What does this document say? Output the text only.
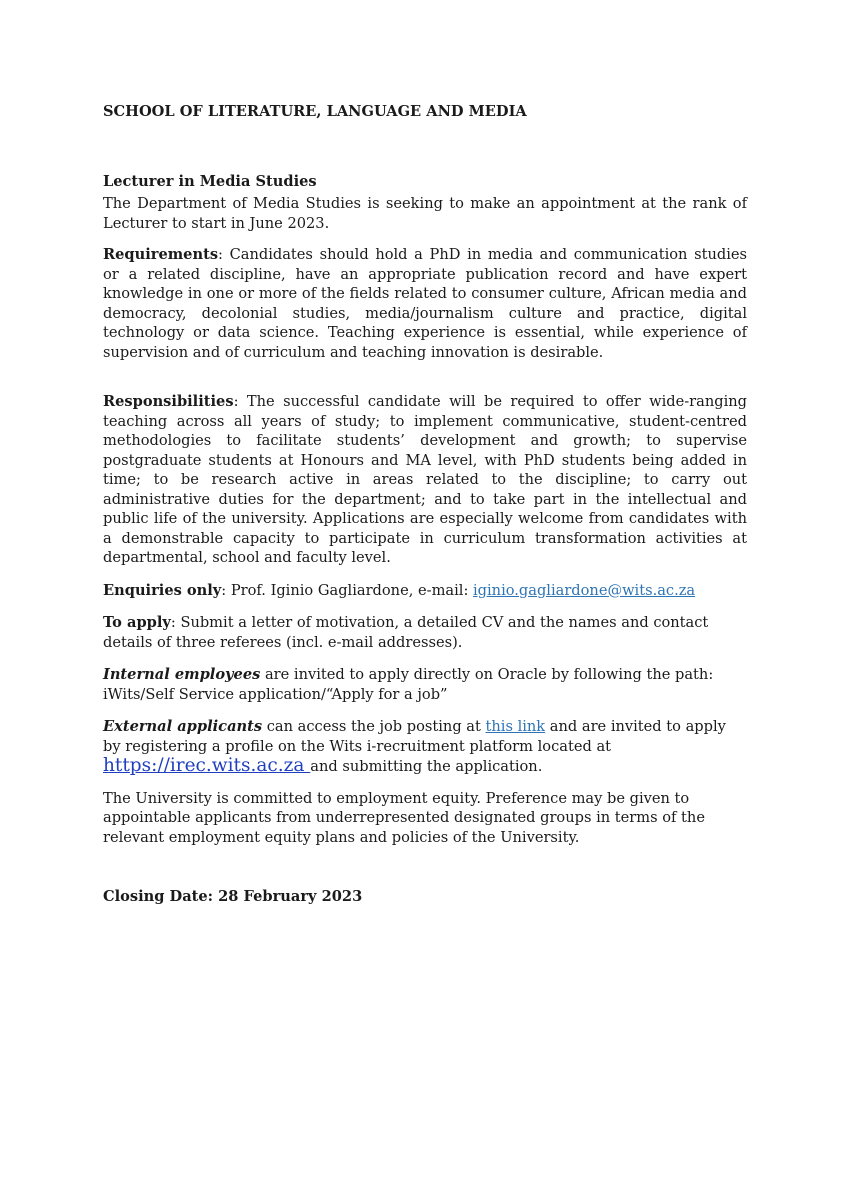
SCHOOL OF LITERATURE, LANGUAGE AND MEDIA

Lecturer in Media Studies

The Department of Media Studies is seeking to make an appointment at the rank of Lecturer to start in June 2023.

Requirements: Candidates should hold a PhD in media and communication studies or a related discipline, have an appropriate publication record and have expert knowledge in one or more of the fields related to consumer culture, African media and democracy, decolonial studies, media/journalism culture and practice, digital technology or data science. Teaching experience is essential, while experience of supervision and of curriculum and teaching innovation is desirable.

Responsibilities: The successful candidate will be required to offer wide-ranging teaching across all years of study; to implement communicative, student-centred methodologies to facilitate students’ development and growth; to supervise postgraduate students at Honours and MA level, with PhD students being added in time; to be research active in areas related to the discipline; to carry out administrative duties for the department; and to take part in the intellectual and public life of the university. Applications are especially welcome from candidates with a demonstrable capacity to participate in curriculum transformation activities at departmental, school and faculty level.

Enquiries only: Prof. Iginio Gagliardone, e-mail: iginio.gagliardone@wits.ac.za

To apply: Submit a letter of motivation, a detailed CV and the names and contact details of three referees (incl. e-mail addresses).

Internal employees are invited to apply directly on Oracle by following the path: iWits/Self Service application/“Apply for a job”

External applicants can access the job posting at this link and are invited to apply by registering a profile on the Wits i-recruitment platform located at https://irec.wits.ac.za and submitting the application.

The University is committed to employment equity. Preference may be given to appointable applicants from underrepresented designated groups in terms of the relevant employment equity plans and policies of the University.

Closing Date: 28 February 2023
